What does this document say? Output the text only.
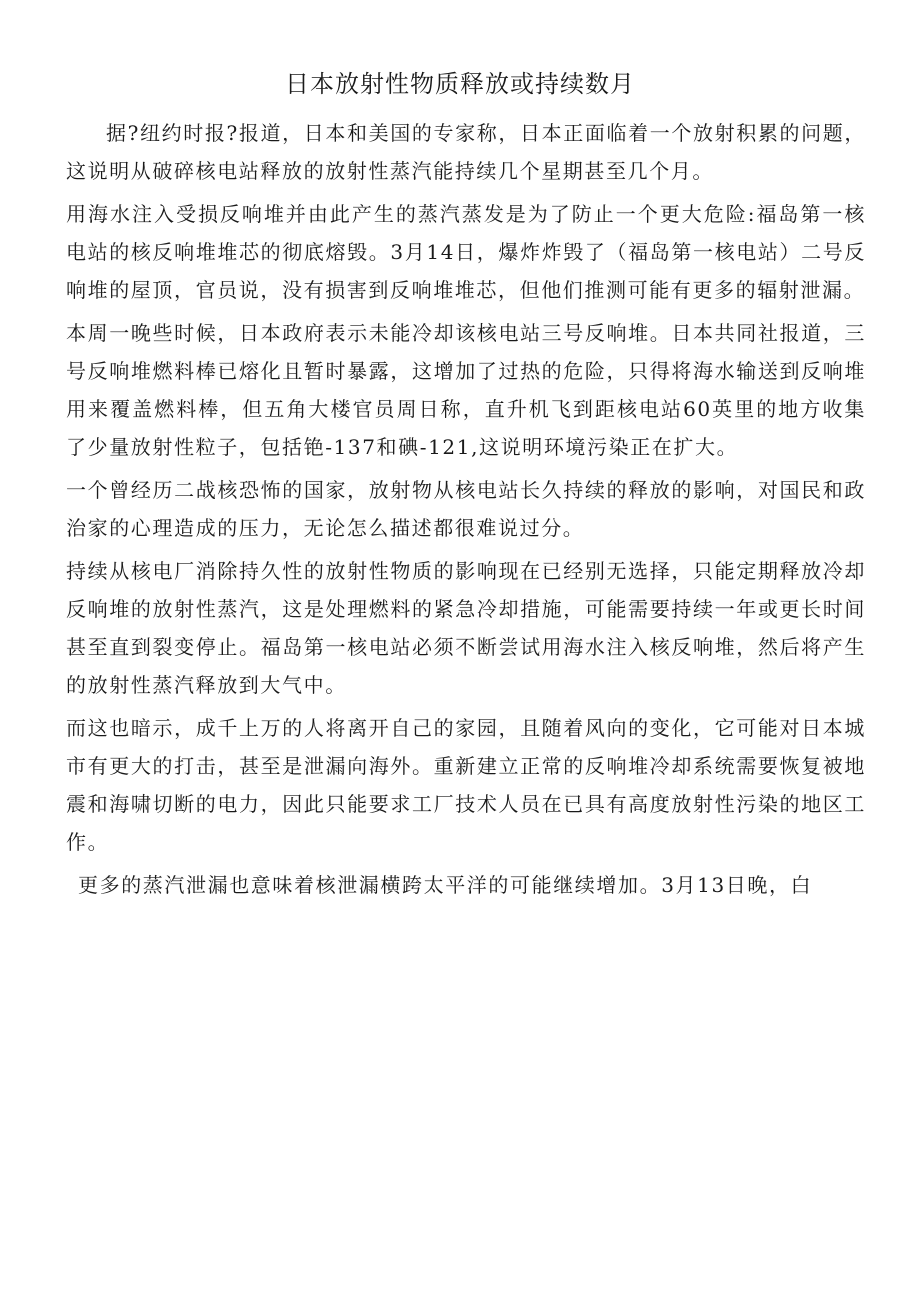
日本放射性物质释放或持续数月

据?纽约时报?报道，日本和美国的专家称，日本正面临着一个放射积累的问题，这说明从破碎核电站释放的放射性蒸汽能持续几个星期甚至几个月。

用海水注入受损反响堆并由此产生的蒸汽蒸发是为了防止一个更大危险:福岛第一核电站的核反响堆堆芯的彻底熔毁。3月14日，爆炸炸毁了（福岛第一核电站）二号反响堆的屋顶，官员说，没有损害到反响堆堆芯，但他们推测可能有更多的辐射泄漏。

本周一晚些时候，日本政府表示未能冷却该核电站三号反响堆。日本共同社报道，三号反响堆燃料棒已熔化且暂时暴露，这增加了过热的危险，只得将海水输送到反响堆用来覆盖燃料棒，但五角大楼官员周日称，直升机飞到距核电站60英里的地方收集了少量放射性粒子，包括铯-137和碘-121,这说明环境污染正在扩大。

一个曾经历二战核恐怖的国家，放射物从核电站长久持续的释放的影响，对国民和政治家的心理造成的压力，无论怎么描述都很难说过分。

持续从核电厂消除持久性的放射性物质的影响现在已经别无选择，只能定期释放冷却反响堆的放射性蒸汽，这是处理燃料的紧急冷却措施，可能需要持续一年或更长时间甚至直到裂变停止。福岛第一核电站必须不断尝试用海水注入核反响堆，然后将产生的放射性蒸汽释放到大气中。

而这也暗示，成千上万的人将离开自己的家园，且随着风向的变化，它可能对日本城市有更大的打击，甚至是泄漏向海外。重新建立正常的反响堆冷却系统需要恢复被地震和海啸切断的电力，因此只能要求工厂技术人员在已具有高度放射性污染的地区工作。

更多的蒸汽泄漏也意味着核泄漏横跨太平洋的可能继续增加。3月13日晚，白
